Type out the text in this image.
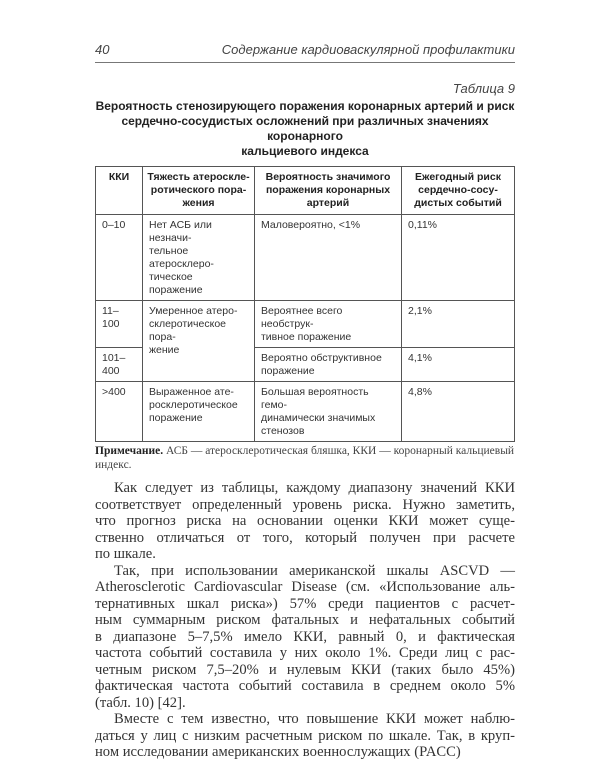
40	Содержание кардиоваскулярной профилактики
Таблица 9
Вероятность стенозирующего поражения коронарных артерий и риск
сердечно-сосудистых осложнений при различных значениях коронарного
кальциевого индекса
ККИ	Тяжесть атероскле-
ротического пора-
жения	Вероятность значимого
поражения коронарных
артерий	Ежегодный риск
сердечно-сосу-
дистых событий
0–10	Нет АСБ или незначи-
тельное атеросклеро-
тическое поражение	Маловероятно, <1%	0,11%
11–100	Умеренное атеро-
склеротическое пора-
жение	Вероятнее всего необструк-
тивное поражение	2,1%
101–400		Вероятно обструктивное
поражение	4,1%
>400	Выраженное ате-
росклеротическое
поражение	Большая вероятность гемо-
динамически значимых
стенозов	4,8%
Примечание. АСБ — атеросклеротическая бляшка, ККИ — коронарный кальциевый индекс.
Как следует из таблицы, каждому диапазону значений ККИ
соответствует определенный уровень риска. Нужно заметить,
что прогноз риска на основании оценки ККИ может суще-
ственно отличаться от того, который получен при расчете
по шкале.
Так, при использовании американской шкалы ASCVD —
Atherosclerotic Cardiovascular Disease (см. «Использование аль-
тернативных шкал риска») 57% среди пациентов с расчет-
ным суммарным риском фатальных и нефатальных событий
в диапазоне 5–7,5% имело ККИ, равный 0, и фактическая
частота событий составила у них около 1%. Среди лиц с рас-
четным риском 7,5–20% и нулевым ККИ (таких было 45%)
фактическая частота событий составила в среднем около 5%
(табл. 10) [42].
Вместе с тем известно, что повышение ККИ может наблю-
даться у лиц с низким расчетным риском по шкале. Так, в круп-
ном исследовании американских военнослужащих (PACC)
